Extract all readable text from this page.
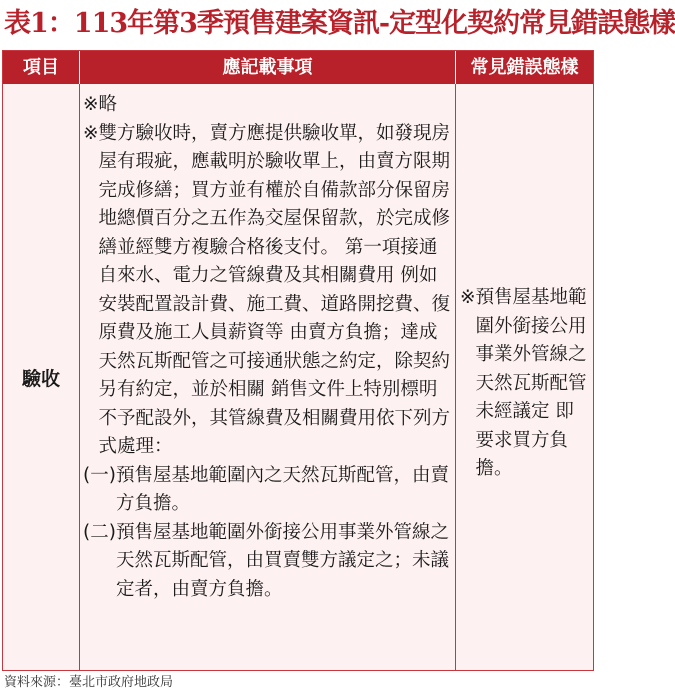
表1：113年第3季預售建案資訊-定型化契約常見錯誤態樣
項目	應記載事項	常見錯誤態樣
驗收
※略
※ 雙方驗收時，賣方應提供驗收單，如發現房屋有瑕疵，應載明於驗收單上，由賣方限期完成修繕；買方並有權於自備款部分保留房地總價百分之五作為交屋保留款，於完成修繕並經雙方複驗合格後支付。 第一項接通自來水、電力之管線費及其相關費用 例如安裝配置設計費、施工費、道路開挖費、復原費及施工人員薪資等 由賣方負擔；達成天然瓦斯配管之可接通狀態之約定，除契約另有約定，並於相關 銷售文件上特別標明不予配設外，其管線費及相關費用依下列方式處理：
(一) 預售屋基地範圍內之天然瓦斯配管，由賣方負擔。
(二) 預售屋基地範圍外銜接公用事業外管線之天然瓦斯配管，由買賣雙方議定之；未議定者，由賣方負擔。
※ 預售屋基地範圍外銜接公用事業外管線之天然瓦斯配管未經議定 即要求買方負擔。
資料來源：臺北市政府地政局
